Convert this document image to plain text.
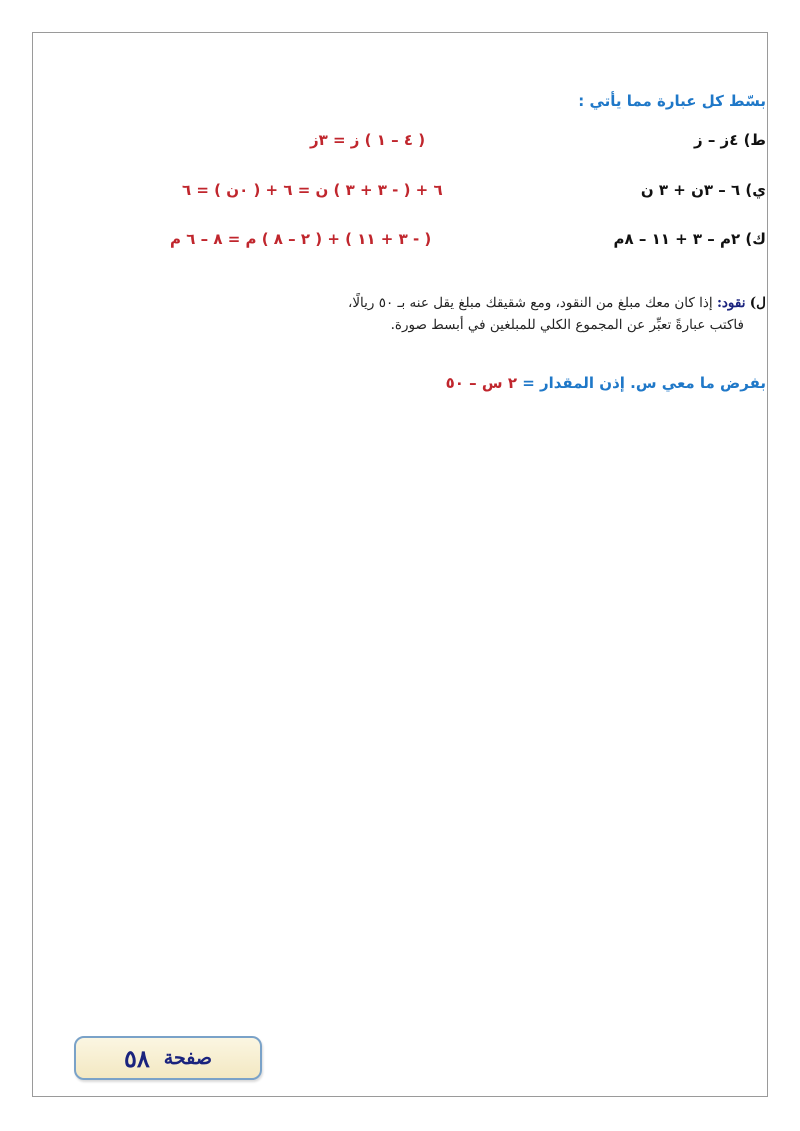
بسّط كل عبارة مما يأتي :
ط) ٤ز – ز
( ٤ – ١ ) ز = ٣ز
ي) ٦ – ٣ن + ٣ ن
٦ + ( - ٣ + ٣ ) ن = ٦ + ( ٠ن ) = ٦
ك) ٢م – ٣ + ١١ – ٨م
( - ٣ + ١١ ) + ( ٢ – ٨ ) م = ٨ – ٦ م
ل) نقود: إذا كان معك مبلغ من النقود، ومع شقيقك مبلغ يقل عنه بـ ٥٠ ريالًا،
فاكتب عبارةً تعبِّر عن المجموع الكلي للمبلغين في أبسط صورة.
بفرض ما معي س. إذن المقدار = ٢ س – ٥٠
صفحة
٥٨
